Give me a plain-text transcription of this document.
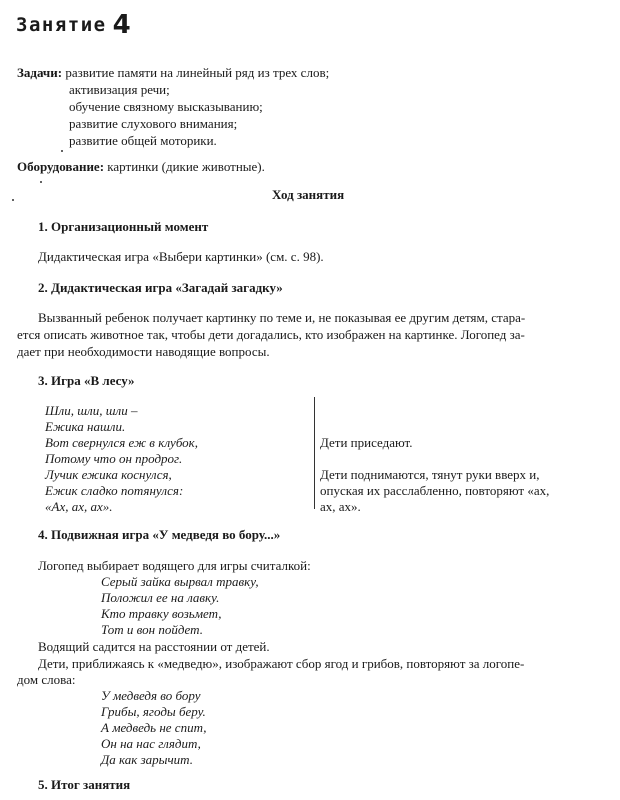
Занятие 4
Задачи: развитие памяти на линейный ряд из трех слов;
активизация речи;
обучение связному высказыванию;
развитие слухового внимания;
развитие общей моторики.
Оборудование: картинки (дикие животные).
Ход занятия
1. Организационный момент
Дидактическая игра «Выбери картинки» (см. с. 98).
2. Дидактическая игра «Загадай загадку»
Вызванный ребенок получает картинку по теме и, не показывая ее другим детям, стара-
ется описать животное так, чтобы дети догадались, кто изображен на картинке. Логопед за-
дает при необходимости наводящие вопросы.
3. Игра «В лесу»
Шли, шли, шли –
Ежика нашли.
Вот свернулся еж в клубок,
Потому что он продрог.
Лучик ежика коснулся,
Ежик сладко потянулся:
«Ах, ах, ах».
Дети приседают.
Дети поднимаются, тянут руки вверх и,
опуская их расслабленно, повторяют «ах,
ах, ах».
4. Подвижная игра «У медведя во бору...»
Логопед выбирает водящего для игры считалкой:
Серый зайка вырвал травку,
Положил ее на лавку.
Кто травку возьмет,
Тот и вон пойдет.
Водящий садится на расстоянии от детей.
Дети, приближаясь к «медведю», изображают сбор ягод и грибов, повторяют за логопе-
дом слова:
У медведя во бору
Грибы, ягоды беру.
А медведь не спит,
Он на нас глядит,
Да как зарычит.
5. Итог занятия
